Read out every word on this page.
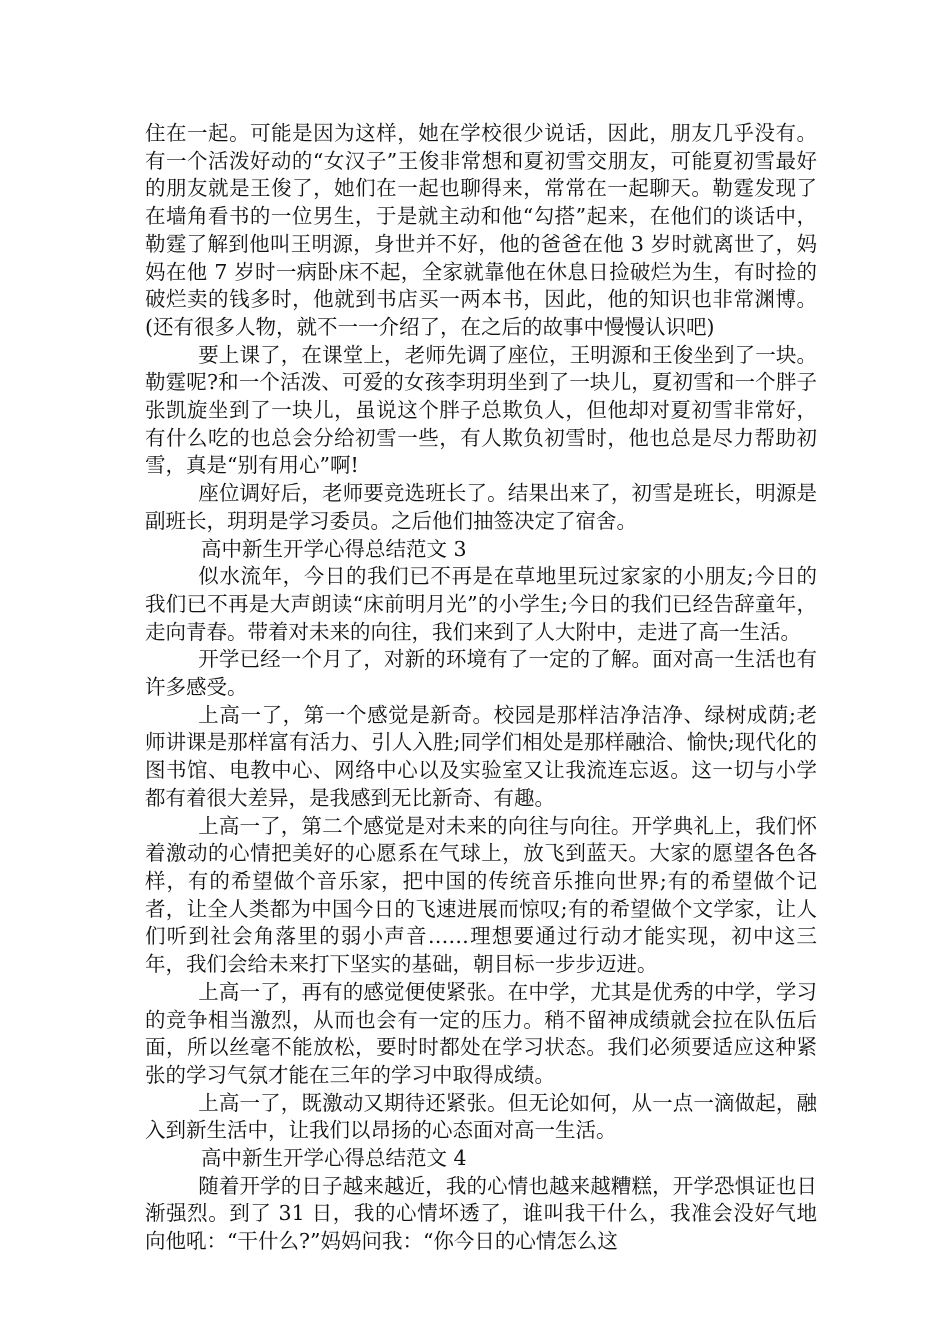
住在一起。可能是因为这样，她在学校很少说话，因此，朋友几乎没有。有一个活泼好动的“女汉子”王俊非常想和夏初雪交朋友，可能夏初雪最好的朋友就是王俊了，她们在一起也聊得来，常常在一起聊天。勒霆发现了在墙角看书的一位男生，于是就主动和他“勾搭”起来，在他们的谈话中，勒霆了解到他叫王明源，身世并不好，他的爸爸在他 3 岁时就离世了，妈妈在他 7 岁时一病卧床不起，全家就靠他在休息日捡破烂为生，有时捡的破烂卖的钱多时，他就到书店买一两本书，因此，他的知识也非常渊博。(还有很多人物，就不一一介绍了，在之后的故事中慢慢认识吧)

要上课了，在课堂上，老师先调了座位，王明源和王俊坐到了一块。勒霆呢?和一个活泼、可爱的女孩李玥玥坐到了一块儿，夏初雪和一个胖子张凯旋坐到了一块儿，虽说这个胖子总欺负人，但他却对夏初雪非常好，有什么吃的也总会分给初雪一些，有人欺负初雪时，他也总是尽力帮助初雪，真是“别有用心”啊!

座位调好后，老师要竞选班长了。结果出来了，初雪是班长，明源是副班长，玥玥是学习委员。之后他们抽签决定了宿舍。

高中新生开学心得总结范文 3

似水流年，今日的我们已不再是在草地里玩过家家的小朋友;今日的我们已不再是大声朗读“床前明月光”的小学生;今日的我们已经告辞童年，走向青春。带着对未来的向往，我们来到了人大附中，走进了高一生活。

开学已经一个月了，对新的环境有了一定的了解。面对高一生活也有许多感受。

上高一了，第一个感觉是新奇。校园是那样洁净洁净、绿树成荫;老师讲课是那样富有活力、引人入胜;同学们相处是那样融洽、愉快;现代化的图书馆、电教中心、网络中心以及实验室又让我流连忘返。这一切与小学都有着很大差异，是我感到无比新奇、有趣。

上高一了，第二个感觉是对未来的向往与向往。开学典礼上，我们怀着激动的心情把美好的心愿系在气球上，放飞到蓝天。大家的愿望各色各样，有的希望做个音乐家，把中国的传统音乐推向世界;有的希望做个记者，让全人类都为中国今日的飞速进展而惊叹;有的希望做个文学家，让人们听到社会角落里的弱小声音……理想要通过行动才能实现，初中这三年，我们会给未来打下坚实的基础，朝目标一步步迈进。

上高一了，再有的感觉便使紧张。在中学，尤其是优秀的中学，学习的竞争相当激烈，从而也会有一定的压力。稍不留神成绩就会拉在队伍后面，所以丝毫不能放松，要时时都处在学习状态。我们必须要适应这种紧张的学习气氛才能在三年的学习中取得成绩。

上高一了，既激动又期待还紧张。但无论如何，从一点一滴做起，融入到新生活中，让我们以昂扬的心态面对高一生活。

高中新生开学心得总结范文 4

随着开学的日子越来越近，我的心情也越来越糟糕，开学恐惧证也日渐强烈。到了 31 日，我的心情坏透了，谁叫我干什么，我准会没好气地向他吼：“干什么?”妈妈问我：“你今日的心情怎么这
